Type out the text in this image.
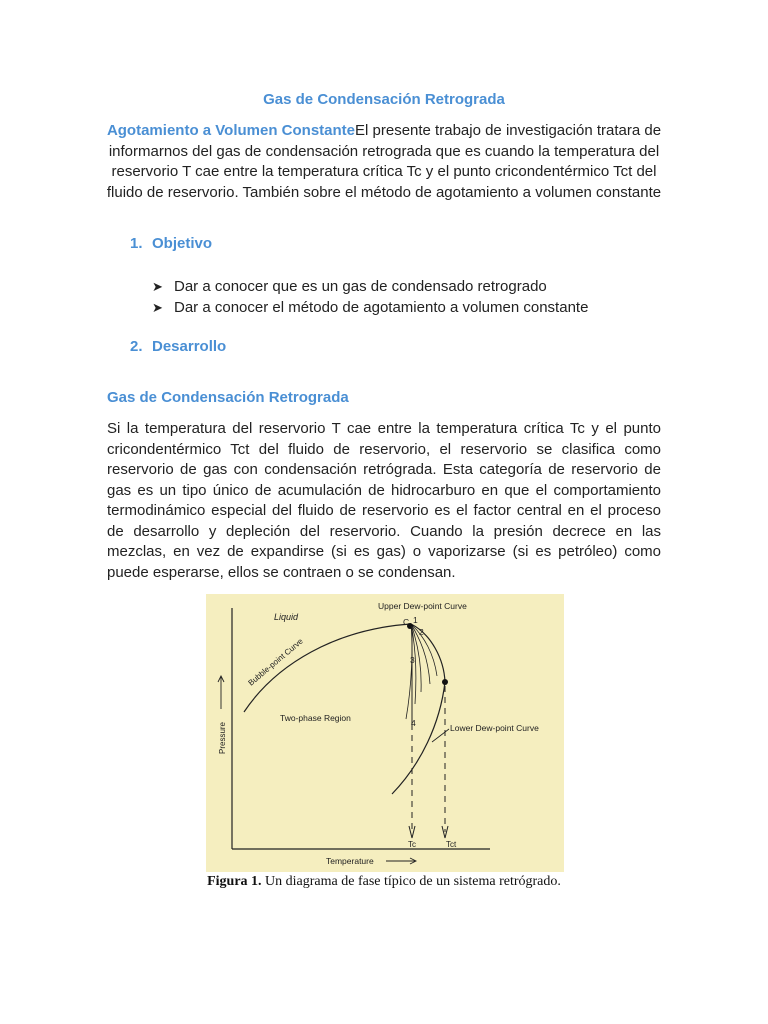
Gas de Condensación Retrograda
Agotamiento a Volumen ConstanteEl presente trabajo de investigación tratara de informarnos del gas de condensación retrograda que es cuando la temperatura del reservorio T cae entre la temperatura crítica Tc y el punto cricondentérmico Tct del fluido de reservorio. También sobre el método de agotamiento a volumen constante
1. Objetivo
➤ Dar a conocer que es un gas de condensado retrogrado
➤ Dar a conocer el método de agotamiento a volumen constante
2. Desarrollo
Gas de Condensación Retrograda
Si la temperatura del reservorio T cae entre la temperatura crítica Tc y el punto cricondentérmico Tct del fluido de reservorio, el reservorio se clasifica como reservorio de gas con condensación retrógrada. Esta categoría de reservorio de gas es un tipo único de acumulación de hidrocarburo en que el comportamiento termodinámico especial del fluido de reservorio es el factor central en el proceso de desarrollo y depleción del reservorio. Cuando la presión decrece en las mezclas, en vez de expandirse (si es gas) o vaporizarse (si es petróleo) como puede esperarse, ellos se contraen o se condensan.
Liquid
Bubble-point Curve
Upper Dew-point Curve
Lower Dew-point Curve
Two-phase Region
Pressure
Temperature
C 1
2
3
4
Tc	Tct
Figura 1. Un diagrama de fase típico de un sistema retrógrado.
